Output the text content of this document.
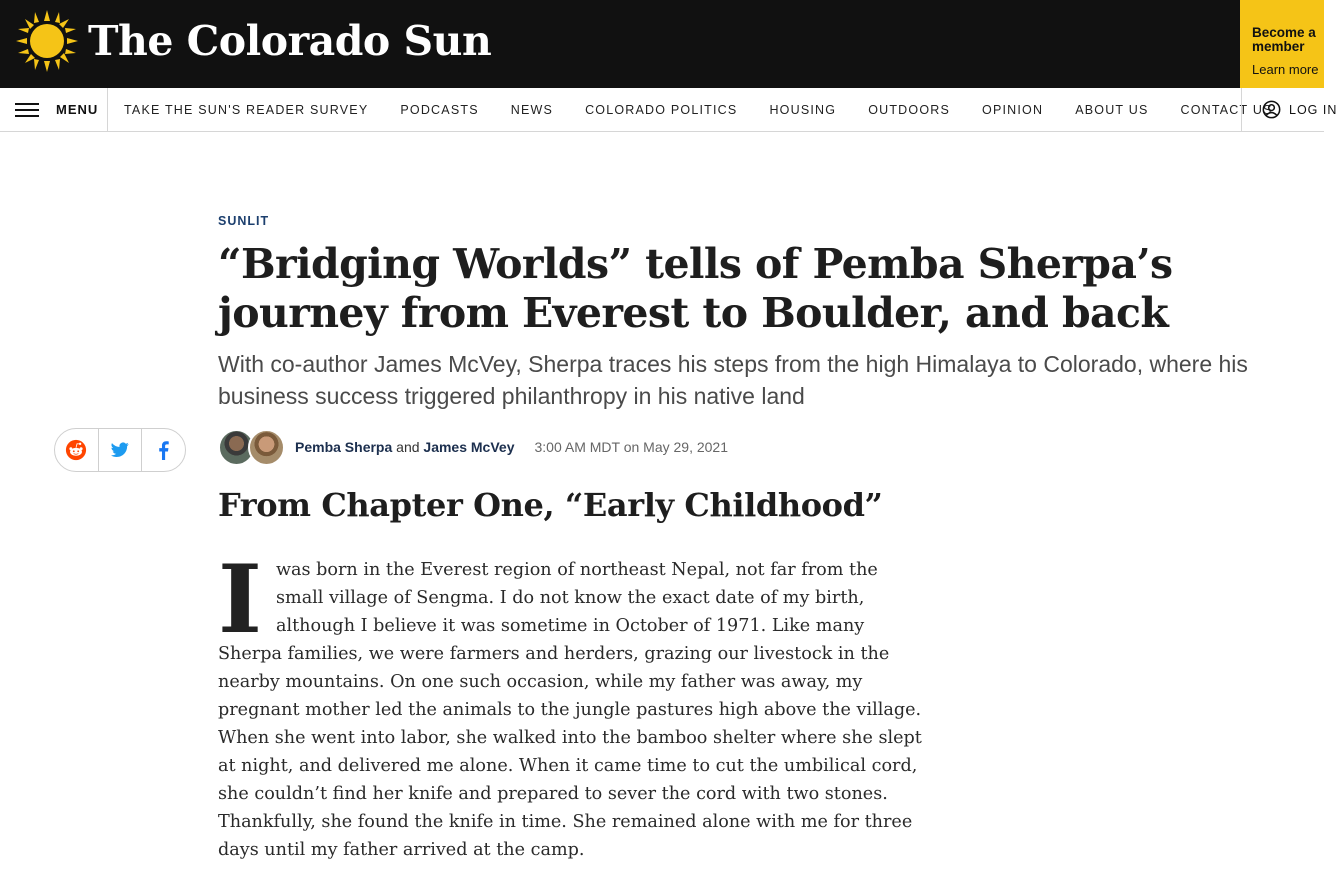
The Colorado Sun	Become a member
Learn more
MENU	TAKE THE SUN'S READER SURVEY	PODCASTS	NEWS	COLORADO POLITICS	HOUSING	OUTDOORS	OPINION	ABOUT US	CONTACT US	LOG IN
SUNLIT
“Bridging Worlds” tells of Pemba Sherpa’s journey from Everest to Boulder, and back

With co-author James McVey, Sherpa traces his steps from the high Himalaya to Colorado, where his business success triggered philanthropy in his native land

Pemba Sherpa and James McVey 3:00 AM MDT on May 29, 2021
From Chapter One, “Early Childhood”
I was born in the Everest region of northeast Nepal, not far from the small village of Sengma. I do not know the exact date of my birth, although I believe it was sometime in October of 1971. Like many Sherpa families, we were farmers and herders, grazing our livestock in the nearby mountains. On one such occasion, while my father was away, my pregnant mother led the animals to the jungle pastures high above the village. When she went into labor, she walked into the bamboo shelter where she slept at night, and delivered me alone. When it came time to cut the umbilical cord, she couldn’t find her knife and prepared to sever the cord with two stones. Thankfully, she found the knife in time. She remained alone with me for three days until my father arrived at the camp.
